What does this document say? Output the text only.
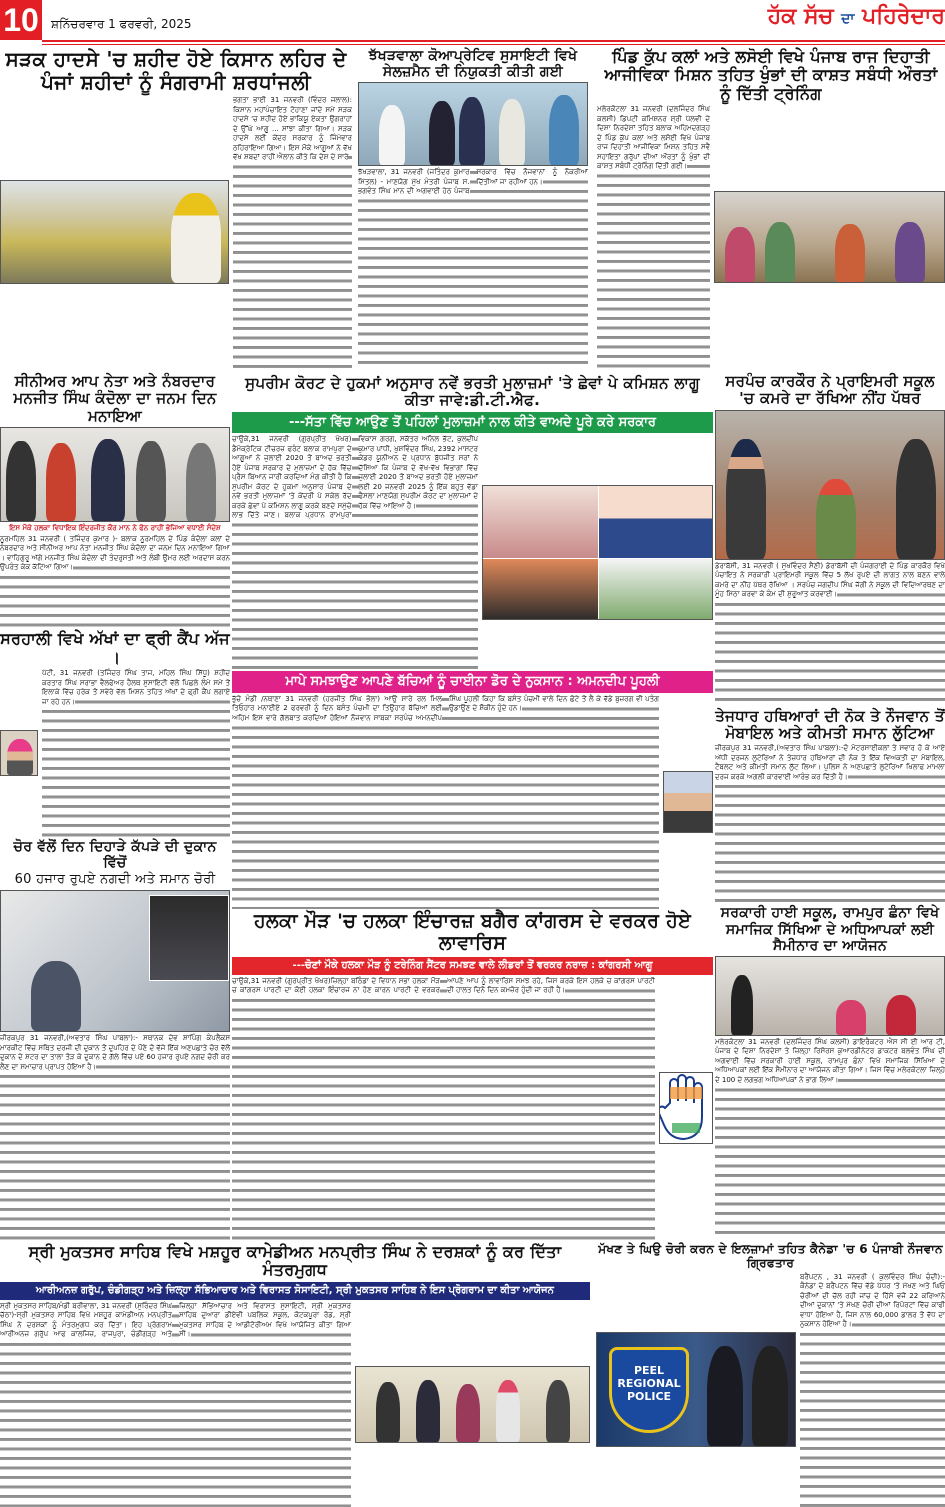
10 ਸ਼ਨਿੱਚਰਵਾਰ 1 ਫਰਵਰੀ, 2025	ਹੱਕ ਸੱਚ ਦਾ ਪਹਿਰੇਦਾਰ
ਸੜਕ ਹਾਦਸੇ 'ਚ ਸ਼ਹੀਦ ਹੋਏ ਕਿਸਾਨ ਲਹਿਰ ਦੇ ਪੰਜਾਂ ਸ਼ਹੀਦਾਂ ਨੂੰ ਸੰਗਰਾਮੀ ਸ਼ਰਧਾਂਜਲੀ
ਭਗਤਾ ਭਾਈ 31 ਜਨਵਰੀ (ਵਿੰਦਰ ਜਲਾਲ): ਕਿਸਾਨ ਮਹਾਂਪੰਚਾਇਤ ਟੋਹਾਣਾ ਜਾਂਦੇ ਸਮੇਂ ਸੜਕ ਹਾਦਸੇ 'ਚ ਸ਼ਹੀਦ ਹੋਏ ਭਾਕਿਯੂ ਏਕਤਾ ਉਗਰਾਹਾਂ ਦੇ ਉੱਘੇ ਆਗੂ ... ਸਾਂਝਾ ਕੀਤਾ ਗਿਆ। ਸੜਕ ਹਾਦਸੇ ਲਈ ਕੇਂਦਰ ਸਰਕਾਰ ਨੂੰ ਜਿੰਮੇਵਾਰ ਠਹਿਰਾਇਆ ਗਿਆ। ਇਸ ਮੌਕੇ ਆਗੂਆਂ ਨੇ ਵੱਖ ਵੱਖ ਸ਼ਬਦਾਂ ਰਾਹੀਂ ਐਲਾਨ ਕੀਤੇ ਕਿ ਦੇਸ਼ ਦੇ ਸਾਰੇ
ਝੱਖੜਵਾਲਾ ਕੋਆਪ੍ਰੇਟਿਵ ਸੁਸਾਇਟੀ ਵਿਖੇ ਸੇਲਜ਼ਮੈਨ ਦੀ ਨਿਯੁਕਤੀ ਕੀਤੀ ਗਈ
ਝੱਖੜਵਾਲਾ, 31 ਜਨਵਰੀ (ਜਤਿੰਦਰ ਕੁਮਾਰ ਮਿੱਤਲ) - ਮਾਣਯੋਗ ਮੁੱਖ ਮੰਤਰੀ ਪੰਜਾਬ ਸ. ਭਗਵੰਤ ਸਿੰਘ ਮਾਨ ਦੀ ਅਗਵਾਈ ਹੇਠ ਪੰਜਾਬ ਸਰਕਾਰ ਵਿੱਚ ਨੌਜਵਾਨਾਂ ਨੂੰ ਨੌਕਰੀਆਂ ਦਿੱਤੀਆਂ ਜਾ ਰਹੀਆਂ ਹਨ।
ਪਿੰਡ ਕੁੱਪ ਕਲਾਂ ਅਤੇ ਲਸੋਈ ਵਿਖੇ ਪੰਜਾਬ ਰਾਜ ਦਿਹਾਤੀ ਆਜੀਵਿਕਾ ਮਿਸ਼ਨ ਤਹਿਤ ਖੁੰਭਾਂ ਦੀ ਕਾਸ਼ਤ ਸਬੰਧੀ ਔਰਤਾਂ ਨੂੰ ਦਿੱਤੀ ਟ੍ਰੇਨਿੰਗ
ਮਲੇਰਕੋਟਲਾ 31 ਜਨਵਰੀ (ਦਲਜਿੰਦਰ ਸਿੰਘ ਕਲਸੀ) ਡਿਪਟੀ ਕਮਿਸ਼ਨਰ ਸ਼੍ਰੀ ਪੱਲਵੀ ਦੇ ਦਿਸ਼ਾ ਨਿਰਦੇਸ਼ਾਂ ਤਹਿਤ ਬਲਾਕ ਅਹਿਮਦਗੜ੍ਹ ਦੇ ਪਿੰਡ ਕੁੱਪ ਕਲਾਂ ਅਤੇ ਲਸੋਈ ਵਿਖੇ ਪੰਜਾਬ ਰਾਜ ਦਿਹਾਤੀ ਆਜੀਵਿਕਾ ਮਿਸ਼ਨ ਤਹਿਤ ਸਵੈ ਸਹਾਇਤਾ ਗਰੁੱਪਾਂ ਦੀਆਂ ਔਰਤਾਂ ਨੂੰ ਖੁੰਭਾਂ ਦੀ ਕਾਸ਼ਤ ਸਬੰਧੀ ਟ੍ਰੇਨਿੰਗ ਦਿੱਤੀ ਗਈ।
ਸੀਨੀਅਰ ਆਪ ਨੇਤਾ ਅਤੇ ਨੰਬਰਦਾਰ ਮਨਜੀਤ ਸਿੰਘ ਕੰਦੋਲਾ ਦਾ ਜਨਮ ਦਿਨ ਮਨਾਇਆ
ਇਸ ਮੌਕੇ ਹਲਕਾ ਵਿਧਾਇਕ ਇੰਦਰਜੀਤ ਕੌਰ ਮਾਨ ਨੇ ਫੋਨ ਰਾਹੀਂ ਭੇਜਿਆ ਵਧਾਈ ਸੰਦੇਸ਼
ਨੂਰਮਹਿਲ 31 ਜਨਵਰੀ ( ਤਜਿੰਦਰ ਕੁਮਾਰ )- ਬਲਾਕ ਨੂਰਮਹਿਲ ਦੇ ਪਿੰਡ ਕੰਦੋਲਾ ਕਲਾਂ ਦੇ ਨੰਬਰਦਾਰ ਅਤੇ ਸੀਨੀਅਰ ਆਪ ਨੇਤਾ ਮਨਜੀਤ ਸਿੰਘ ਕੰਦੋਲਾ ਦਾ ਜਨਮ ਦਿਨ ਮਨਾਇਆ ਗਿਆ । ਵਾਹਿਗੁਰੂ ਅੱਗੇ ਮਨਜੀਤ ਸਿੰਘ ਕੰਦੋਲਾ ਦੀ ਤੰਦਰੁਸਤੀ ਅਤੇ ਲੰਬੀ ਉਮਰ ਲਈ ਅਰਦਾਸ ਕਰਨ ਉਪਰੰਤ ਕੇਕ ਕੱਟਿਆ ਗਿਆ।
ਸਰਹਾਲੀ ਵਿਖੇ ਅੱਖਾਂ ਦਾ ਫ੍ਰੀ ਕੈਂਪ ਅੱਜ ।
ਪੱਟੀ, 31 ਜਨਵਰੀ (ਤਜਿੰਦਰ ਸਿੰਘ ਤਾਜ, ਮਹਿਲ ਸਿੰਘ ਸਿੱਧੂ) ਸ਼ਹੀਦ ਕਰਤਾਰ ਸਿੰਘ ਸਰਾਭਾ ਵੈਲਫੇਅਰ ਹੈਲਥ ਸੁਸਾਇਟੀ ਵੱਲੋਂ ਪਿਛਲੇ ਲੰਮੇ ਸਮੇਂ ਤੋਂ ਇਲਾਕੇ ਵਿੱਚ ਹਰੇਕ ਤੋਂ ਸਵੇਰੇ ਵੱਲ ਮਿਸ਼ਨ ਤਹਿਤ ਅੱਖਾਂ ਦੇ ਫ੍ਰੀ ਕੈਂਪ ਲਗਾਏ ਜਾ ਰਹੇ ਹਨ।
ਚੋਰ ਵੱਲੋਂ ਦਿਨ ਦਿਹਾੜੇ ਕੱਪੜੇ ਦੀ ਦੁਕਾਨ ਵਿੱਚੋਂ
60 ਹਜਾਰ ਰੁਪਏ ਨਗਦੀ ਅਤੇ ਸਮਾਨ ਚੋਰੀ
ਜ਼ੀਰਕਪੁਰ 31 ਜਨਵਰੀ,(ਅਵਤਾਰ ਸਿੰਘ ਪਾਬਲਾ):- ਸਥਾਨਕ ਦੇਵ ਸ਼ਾਪਿੰਗ ਕੰਪਲੈਕਸ ਮਾਰਕੀਟ ਵਿੱਚ ਸਥਿਤ ਦਰਜੀ ਦੀ ਦੁਕਾਨ ਤੋਂ ਦੁਪਹਿਰ ਦੇ ਪੌਣੇ ਦੋ ਵੱਜੇ ਇੱਕ ਅਣਪਛਾਤੇ ਚੋਰ ਵੱਲੋਂ ਦੁਕਾਨ ਦੇ ਸ਼ਟਰ ਦਾ ਤਾਲਾ ਤੋੜ ਕੇ ਦੁਕਾਨ ਦੇ ਗੱਲੇ ਵਿੱਚ ਪਏ 60 ਹਜਾਰ ਰੁਪਏ ਨਗਦ ਚੋਰੀ ਕਰ ਲੈਣ ਦਾ ਸਮਾਚਾਰ ਪ੍ਰਾਪਤ ਹੋਇਆ ਹੈ।
ਸੁਪਰੀਮ ਕੋਰਟ ਦੇ ਹੁਕਮਾਂ ਅਨੁਸਾਰ ਨਵੇਂ ਭਰਤੀ ਮੁਲਾਜ਼ਮਾਂ 'ਤੇ ਛੇਵਾਂ ਪੇ ਕਮਿਸ਼ਨ ਲਾਗੂ ਕੀਤਾ ਜਾਵੇ:ਡੀ.ਟੀ.ਐਫ.
---ਸੱਤਾ ਵਿੱਚ ਆਉਣ ਤੋਂ ਪਹਿਲਾਂ ਮੁਲਾਜ਼ਮਾਂ ਨਾਲ ਕੀਤੇ ਵਾਅਦੇ ਪੂਰੇ ਕਰੇ ਸਰਕਾਰ
ਚਾਉਕੇ,31 ਜਨਵਰੀ (ਗੁਰਪ੍ਰੀਤ ਖੋਖਰ) ਡੈਮੋਕ੍ਰੇਟਿਕ ਟੀਚਰਜ਼ ਫਰੰਟ ਬਲਾਕ ਰਾਮਪੁਰਾ ਦੇ ਆਗੂਆਂ ਨੇ ਜੁਲਾਈ 2020 ਤੋਂ ਬਾਅਦ ਭਰਤੀ ਹੋਏ ਪੰਜਾਬ ਸਰਕਾਰ ਦੇ ਮੁਲਾਜ਼ਮਾਂ ਦੇ ਹੱਕ ਵਿੱਚ ਪ੍ਰੈਸ ਬਿਆਨ ਜਾਰੀ ਕਰਦਿਆਂ ਮੰਗ ਕੀਤੀ ਹੈ ਕਿ ਸੁਪਰੀਮ ਕੋਰਟ ਦੇ ਹੁਕਮਾਂ ਅਨੁਸਾਰ ਪੰਜਾਬ ਦੇ ਨਵੇਂ ਭਰਤੀ ਮੁਲਾਜ਼ਮਾਂ 'ਤੇ ਕੇਂਦਰੀ ਪੇ ਸਕੇਲ ਰੱਦ ਕਰਕੇ ਛੇਵਾਂ ਪੇ ਕਮਿਸ਼ਨ ਲਾਗੂ ਕਰਕੇ ਬਣਦੇ ਸਮੁੱਚੇ ਲਾਭ ਦਿੱਤੇ ਜਾਣ। ਬਲਾਕ ਪ੍ਰਧਾਨ ਰਾਮਪੁਰਾ ਵਿਕਾਸ ਗਰਗ, ਸਕੱਤਰ ਅਨਿਲ ਭੱਟ, ਕੁਲਦੀਪ ਕੁਮਾਰ ਪਾਂਧੀ, ਖੁਸ਼ਵਿੰਦਰ ਸਿੰਘ, 2392 ਮਾਸਟਰ ਕੇਡਰ ਯੂਨੀਅਨ ਦੇ ਪ੍ਰਧਾਨ ਬੁੱਧਜੀਤ ਸਰਾਂ ਨੇ ਦੱਸਿਆ ਕਿ ਪੰਜਾਬ ਦੇ ਵੱਖ-ਵੱਖ ਵਿਭਾਗਾਂ ਵਿੱਚ ਜੁਲਾਈ 2020 ਤੋਂ ਬਾਅਦ ਭਰਤੀ ਹੋਏ ਮੁਲਾਜ਼ਮਾਂ ਲਈ 20 ਜਨਵਰੀ 2025 ਨੂੰ ਇੱਕ ਬਹੁਤ ਵੱਡਾ ਫੈਸਲਾ ਮਾਣਯੋਗ ਸੁਪਰੀਮ ਕੋਰਟ ਦਾ ਮੁਲਾਜ਼ਮਾਂ ਦੇ ਹੱਕ ਵਿੱਚ ਆਇਆ ਹੈ।
ਮਾਪੇ ਸਮਝਾਉਣ ਆਪਣੇ ਬੱਚਿਆਂ ਨੂੰ ਚਾਈਨਾ ਡੋਰ ਦੇ ਨੁਕਸਾਨ : ਅਮਨਦੀਪ ਪੂਹਲੀ
ਭੁੱਚੋ ਮੰਡੀ /ਨਥਾਣਾ 31 ਜਨਵਰੀ (ਹਰਜੀਤ ਸਿੰਘ ਭੋਲਾ) ਆਉ ਸਾਰੇ ਰਲ ਮਿਲ ਤਿਓਹਾਰ ਮਨਾਈਏ 2 ਫਰਵਰੀ ਨੂੰ ਦਿਨ ਬਸੰਤ ਪੰਚਮੀ ਦਾ ਤਿਉਹਾਰ ਬੱਚਿਆਂ ਲਈ ਅਹਿਮ ਇਸ ਵਾਰੇ ਗੱਲਬਾਤ ਕਰਦਿਆਂ ਹੋਇਆਂ ਨੌਜਵਾਨ ਸਾਬਕਾ ਸਰਪੰਚ ਅਮਨਦੀਪ ਸਿੰਘ ਪੂਹਲੀ ਕਿਹਾ ਕਿ ਬਸੰਤ ਪੰਚਮੀ ਵਾਲੇ ਦਿਨ ਛੋਟੇ ਤੋਂ ਲੈ ਕੇ ਵੱਡੇ ਬੁਜ਼ਰਗ ਵੀ ਪਤੰਗ ਉਡਾਉਣ ਦੇ ਸ਼ੌਕੀਨ ਹੁੰਦੇ ਹਨ।
ਹਲਕਾ ਮੌੜ 'ਚ ਹਲਕਾ ਇੰਚਾਰਜ਼ ਬਗੈਰ ਕਾਂਗਰਸ ਦੇ ਵਰਕਰ ਹੋਏ ਲਾਵਾਰਿਸ
---ਚੋਣਾਂ ਮੌਕੇ ਹਲਕਾ ਮੌੜ ਨੂੰ ਟਰੇਨਿੰਗ ਸੈਂਟਰ ਸਮਝਣ ਵਾਲੇ ਲੀਡਰਾਂ ਤੋਂ ਵਰਕਰ ਨਰਾਜ਼ : ਕਾਂਗਰਸੀ ਆਗੂ
ਚਾਉਕੇ,31 ਜਨਵਰੀ (ਗੁਰਪ੍ਰੀਤ ਖੋਖਰ)ਜ਼ਿਲ੍ਹਾ ਬਠਿੰਡਾ ਦੇ ਵਿਧਾਨ ਸਭਾ ਹਲਕਾ ਮੌੜ ਚ ਕਾਂਗਰਸ ਪਾਰਟੀ ਦਾ ਕੋਈ ਹਲਕਾ ਇੰਚਾਰਜ ਨਾ ਹੋਣ ਕਾਰਨ ਪਾਰਟੀ ਦੇ ਵਰਕਰ ਆਪਣੇ ਆਪ ਨੂੰ ਲਾਵਾਰਿਸ ਸਮਝ ਰਹੇ, ਜਿਸ ਕਰਕੇ ਇਸ ਹਲਕੇ ਚ ਕਾਂਗਰਸ ਪਾਰਟੀ ਦੀ ਹਾਲਤ ਦਿਨੋ ਦਿਨ ਕਮਜ਼ੋਰ ਹੁੰਦੀ ਜਾ ਰਹੀ ਹੈ।
ਸਰਪੰਚ ਕਾਰਕੌਰ ਨੇ ਪ੍ਰਾਇਮਰੀ ਸਕੂਲ 'ਚ ਕਮਰੇ ਦਾ ਰੱਖਿਆ ਨੀਂਹ ਪੱਥਰ
ਡੇਰਾਬੱਸੀ, 31 ਜਨਵਰੀ ( ਸੁਖਵਿੰਦਰ ਸੈਣੀ) ਡੇਰਾਬੱਸੀ ਦੀ ਪੰਜਗਰਾਈ ਦੇ ਪਿੰਡ ਕਾਰਕੌਰ ਵਿਖੇ ਪੰਚਾਇਤ ਨੇ ਸਰਕਾਰੀ ਪ੍ਰਾਇਮਰੀ ਸਕੂਲ ਵਿੱਚ 5 ਲੱਖ ਰੁਪਏ ਦੀ ਲਾਗਤ ਨਾਲ ਬਣਨ ਵਾਲੇ ਕਮਰੇ ਦਾ ਨੀਂਹ ਪੱਥਰ ਰੱਖਿਆ । ਸਰਪੰਚ ਜਗਦੀਪ ਸਿੰਘ ਜੱਗੀ ਨੇ ਸਕੂਲ ਦੀ ਵਿਦਿਆਰਥਣ ਦਾ ਮੂੰਹ ਮਿੱਠਾ ਕਰਵਾ ਕੇ ਕੰਮ ਦੀ ਸ਼ੁਰੂਆਤ ਕਰਵਾਈ।
ਤੇਜਧਾਰ ਹਥਿਆਰਾਂ ਦੀ ਨੋਕ ਤੇ ਨੌਜਵਾਨ ਤੋਂ ਮੋਬਾਇਲ ਅਤੇ ਕੀਮਤੀ ਸਮਾਨ ਲੁੱਟਿਆ
ਜ਼ੀਰਕਪੁਰ 31 ਜਨਵਰੀ,(ਅਵਤਾਰ ਸਿੰਘ ਪਾਬਲਾ):-ਦੋ ਮੋਟਰਸਾਈਕਲਾਂ ਤੇ ਸਵਾਰ ਹੋ ਕੇ ਆਏ ਅੱਧੀ ਦਰਜਨ ਲੁਟੇਰਿਆਂ ਨੇ ਤੇਜ਼ਧਾਰ ਹਥਿਆਰਾਂ ਦੀ ਨੋਕ ਤੇ ਇੱਕ ਵਿਅਕਤੀ ਦਾ ਮੋਬਾਇਲ, ਟੈਬਲਟ ਅਤੇ ਕੀਮਤੀ ਸਮਾਨ ਲੁੱਟ ਲਿਆ। ਪੁਲਿਸ ਨੇ ਅਣਪਛਾਤੇ ਲੁਟੇਰਿਆਂ ਖਿਲਾਫ ਮਾਮਲਾ ਦਰਜ ਕਰਕੇ ਅਗਲੀ ਕਾਰਵਾਈ ਆਰੰਭ ਕਰ ਦਿੱਤੀ ਹੈ।
ਸਰਕਾਰੀ ਹਾਈ ਸਕੂਲ, ਰਾਮਪੁਰ ਛੰਨਾ ਵਿਖੇ ਸਮਾਜਿਕ ਸਿੱਖਿਆ ਦੇ ਅਧਿਆਪਕਾਂ ਲਈ ਸੈਮੀਨਾਰ ਦਾ ਆਯੋਜਨ
ਮਲੇਰਕੋਟਲਾ 31 ਜਨਵਰੀ (ਦਲਜਿੰਦਰ ਸਿੰਘ ਕਲਸੀ) ਡਾਇਰੈਕਟਰ ਐਸ ਸੀ ਈ ਆਰ ਟੀ, ਪੰਜਾਬ ਦੇ ਦਿਸ਼ਾ ਨਿਰਦੇਸ਼ਾਂ ਤੇ ਜ਼ਿਲ੍ਹਾ ਰਿਸੋਰਸ ਕੁਆਰਡੀਨੇਟਰ ਡਾਕਟਰ ਬਲਵੰਤ ਸਿੰਘ ਦੀ ਅਗਵਾਈ ਵਿੱਚ ਸਰਕਾਰੀ ਹਾਈ ਸਕੂਲ, ਰਾਮਪੁਰ ਛੰਨਾ ਵਿਖੇ ਸਮਾਜਿਕ ਸਿੱਖਿਆ ਦੇ ਅਧਿਆਪਕਾਂ ਲਈ ਇੱਕ ਸੈਮੀਨਾਰ ਦਾ ਆਯੋਜਨ ਕੀਤਾ ਗਿਆ। ਜਿਸ ਵਿੱਚ ਮਲੇਰਕੋਟਲਾ ਜ਼ਿਲ੍ਹੇ ਦੇ 100 ਦੇ ਲਗਭਗ ਅਧਿਆਪਕਾਂ ਨੇ ਭਾਗ ਲਿਆ।
ਸ੍ਰੀ ਮੁਕਤਸਰ ਸਾਹਿਬ ਵਿਖੇ ਮਸ਼ਹੂਰ ਕਾਮੇਡੀਅਨ ਮਨਪ੍ਰੀਤ ਸਿੰਘ ਨੇ ਦਰਸ਼ਕਾਂ ਨੂੰ ਕਰ ਦਿੱਤਾ ਮੰਤਰਮੁਗਧ
ਆਰੀਅਨਜ਼ ਗਰੁੱਪ, ਚੰਡੀਗੜ੍ਹ ਅਤੇ ਜ਼ਿਲ੍ਹਾ ਸੱਭਿਆਚਾਰ ਅਤੇ ਵਿਰਾਸਤ ਸੋਸਾਇਟੀ, ਸ੍ਰੀ ਮੁਕਤਸਰ ਸਾਹਿਬ ਨੇ ਇਸ ਪ੍ਰੋਗਰਾਮ ਦਾ ਕੀਤਾ ਆਯੋਜਨ
ਸ੍ਰੀ ਮੁਕਤਸਰ ਸਾਹਿਬ/ਮੰਡੀ ਬਰੀਵਾਲਾ, 31 ਜਨਵਰੀ (ਸੁਰਿੰਦਰ ਸਿੰਘ ਚੱਠਾ)-ਸ੍ਰੀ ਮੁਕਤਸਰ ਸਾਹਿਬ ਵਿਖੇ ਮਸ਼ਹੂਰ ਕਾਮੇਡੀਅਨ ਮਨਪ੍ਰੀਤ ਸਿੰਘ ਨੇ ਦਰਸ਼ਕਾਂ ਨੂੰ ਮੰਤਰਮੁਗਧ ਕਰ ਦਿੱਤਾ। ਇਹ ਪ੍ਰੋਗਰਾਮ ਆਰੀਅਨਜ਼ ਗਰੁੱਪ ਆਫ ਕਾਲਜਿਜ਼, ਰਾਜਪੁਰਾ, ਚੰਡੀਗੜ੍ਹ ਅਤੇ ਜ਼ਿਲ੍ਹਾ ਸੱਭਿਆਚਾਰ ਅਤੇ ਵਿਰਾਸਤ ਸੁਸਾਇਟੀ, ਸ੍ਰੀ ਮੁਕਤਸਰ ਸਾਹਿਬ ਦੁਆਰਾ ਡੀਏਵੀ ਪਬਲਿਕ ਸਕੂਲ, ਕੋਟਕਪੂਰਾ ਰੋਡ, ਸ੍ਰੀ ਮੁਕਤਸਰ ਸਾਹਿਬ ਦੇ ਆਡੀਟੋਰੀਅਮ ਵਿਖੇ ਆਯੋਜਿਤ ਕੀਤਾ ਗਿਆ ਸੀ।
ਮੱਖਣ ਤੇ ਘਿਉ ਚੋਰੀ ਕਰਨ ਦੇ ਇਲਜ਼ਾਮਾਂ ਤਹਿਤ ਕੈਨੇਡਾ 'ਚ 6 ਪੰਜਾਬੀ ਨੌਜਵਾਨ ਗ੍ਰਿਫਤਾਰ
PEEL REGIONAL POLICE
ਬਰੈਂਪਟਨ , 31 ਜਨਵਰੀ ( ਕੁਲਵਿੰਦਰ ਸਿੰਘ ਚੰਦੀ):- ਕੈਨੇਡਾ ਦੇ ਬਰੈਂਪਟਨ ਵਿੱਚ ਵੱਡੇ ਪੱਧਰ 'ਤੇ ਮੱਖਣ ਅਤੇ ਘਿਓ ਚੋਰੀਆਂ ਦੀ ਚੱਲ ਰਹੀ ਜਾਂਚ ਦੇ ਹਿੱਸੇ ਵਜੋਂ 22 ਕਰਿਆਨੇ ਦੀਆਂ ਦੁਕਾਨਾਂ 'ਤੇ ਮੱਖਣ ਚੋਰੀ ਦੀਆਂ ਰਿਪੋਰਟਾਂ ਵਿੱਚ ਕਾਫੀ ਵਾਧਾ ਹੋਇਆ ਹੈ, ਜਿਸ ਨਾਲ 60,000 ਡਾਲਰ ਤੋਂ ਵੱਧ ਦਾ ਨੁਕਸਾਨ ਹੋਇਆ ਹੈ।
